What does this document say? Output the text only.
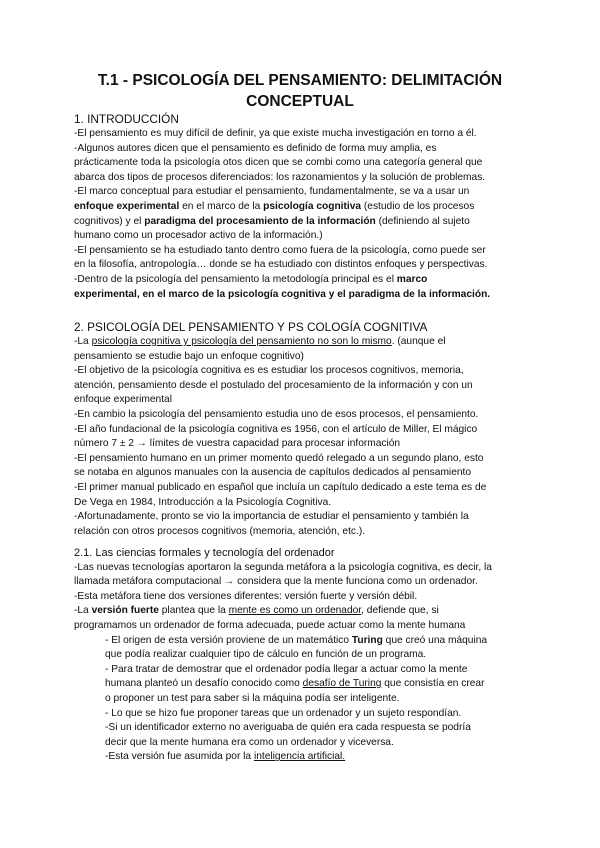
T.1 - PSICOLOGÍA DEL PENSAMIENTO: DELIMITACIÓN
CONCEPTUAL
1. INTRODUCCIÓN
-El pensamiento es muy difícil de definir, ya que existe mucha investigación en torno a él.
-Algunos autores dicen que el pensamiento es definido de forma muy amplia, es
prácticamente toda la psicología otos dicen que se combi como una categoría general que
abarca dos tipos de procesos diferenciados: los razonamientos y la solución de problemas.
-El marco conceptual para estudiar el pensamiento, fundamentalmente, se va a usar un
enfoque experimental en el marco de la psicología cognitiva (estudio de los procesos
cognitivos) y el paradigma del procesamiento de la información (definiendo al sujeto
humano como un procesador activo de la información.)
-El pensamiento se ha estudiado tanto dentro como fuera de la psicología, como puede ser
en la filosofía, antropología… donde se ha estudiado con distintos enfoques y perspectivas.
-Dentro de la psicología del pensamiento la metodología principal es el marco
experimental, en el marco de la psicología cognitiva y el paradigma de la información.
2. PSICOLOGÍA DEL PENSAMIENTO Y PS COLOGÍA COGNITIVA
-La psicología cognitiva y psicología del pensamiento no son lo mismo. (aunque el
pensamiento se estudie bajo un enfoque cognitivo)
-El objetivo de la psicología cognitiva es es estudiar los procesos cognitivos, memoria,
atención, pensamiento desde el postulado del procesamiento de la información y con un
enfoque experimental
-En cambio la psicología del pensamiento estudia uno de esos procesos, el pensamiento.
-El año fundacional de la psicología cognitiva es 1956, con el artículo de Miller, El mágico
número 7 ± 2 → límites de vuestra capacidad para procesar información
-El pensamiento humano en un primer momento quedó relegado a un segundo plano, esto
se notaba en algunos manuales con la ausencia de capítulos dedicados al pensamiento
-El primer manual publicado en español que incluía un capítulo dedicado a este tema es de
De Vega en 1984, Introducción a la Psicología Cognitiva.
-Afortunadamente, pronto se vio la importancia de estudiar el pensamiento y también la
relación con otros procesos cognitivos (memoria, atención, etc.).
2.1. Las ciencias formales y tecnología del ordenador
-Las nuevas tecnologías aportaron la segunda metáfora a la psicología cognitiva, es decir, la
llamada metáfora computacional → considera que la mente funciona como un ordenador.
-Esta metáfora tiene dos versiones diferentes: versión fuerte y versión débil.
-La versión fuerte plantea que la mente es como un ordenador, defiende que, si
programamos un ordenador de forma adecuada, puede actuar como la mente humana
- El origen de esta versión proviene de un matemático Turing que creó una máquina
que podía realizar cualquier tipo de cálculo en función de un programa.
- Para tratar de demostrar que el ordenador podía llegar a actuar como la mente
humana planteó un desafío conocido como desafío de Turing que consistía en crear
o proponer un test para saber si la máquina podía ser inteligente.
- Lo que se hizo fue proponer tareas que un ordenador y un sujeto respondían.
-Si un identificador externo no averiguaba de quién era cada respuesta se podría
decir que la mente humana era como un ordenador y viceversa.
-Esta versión fue asumida por la inteligencia artificial.
